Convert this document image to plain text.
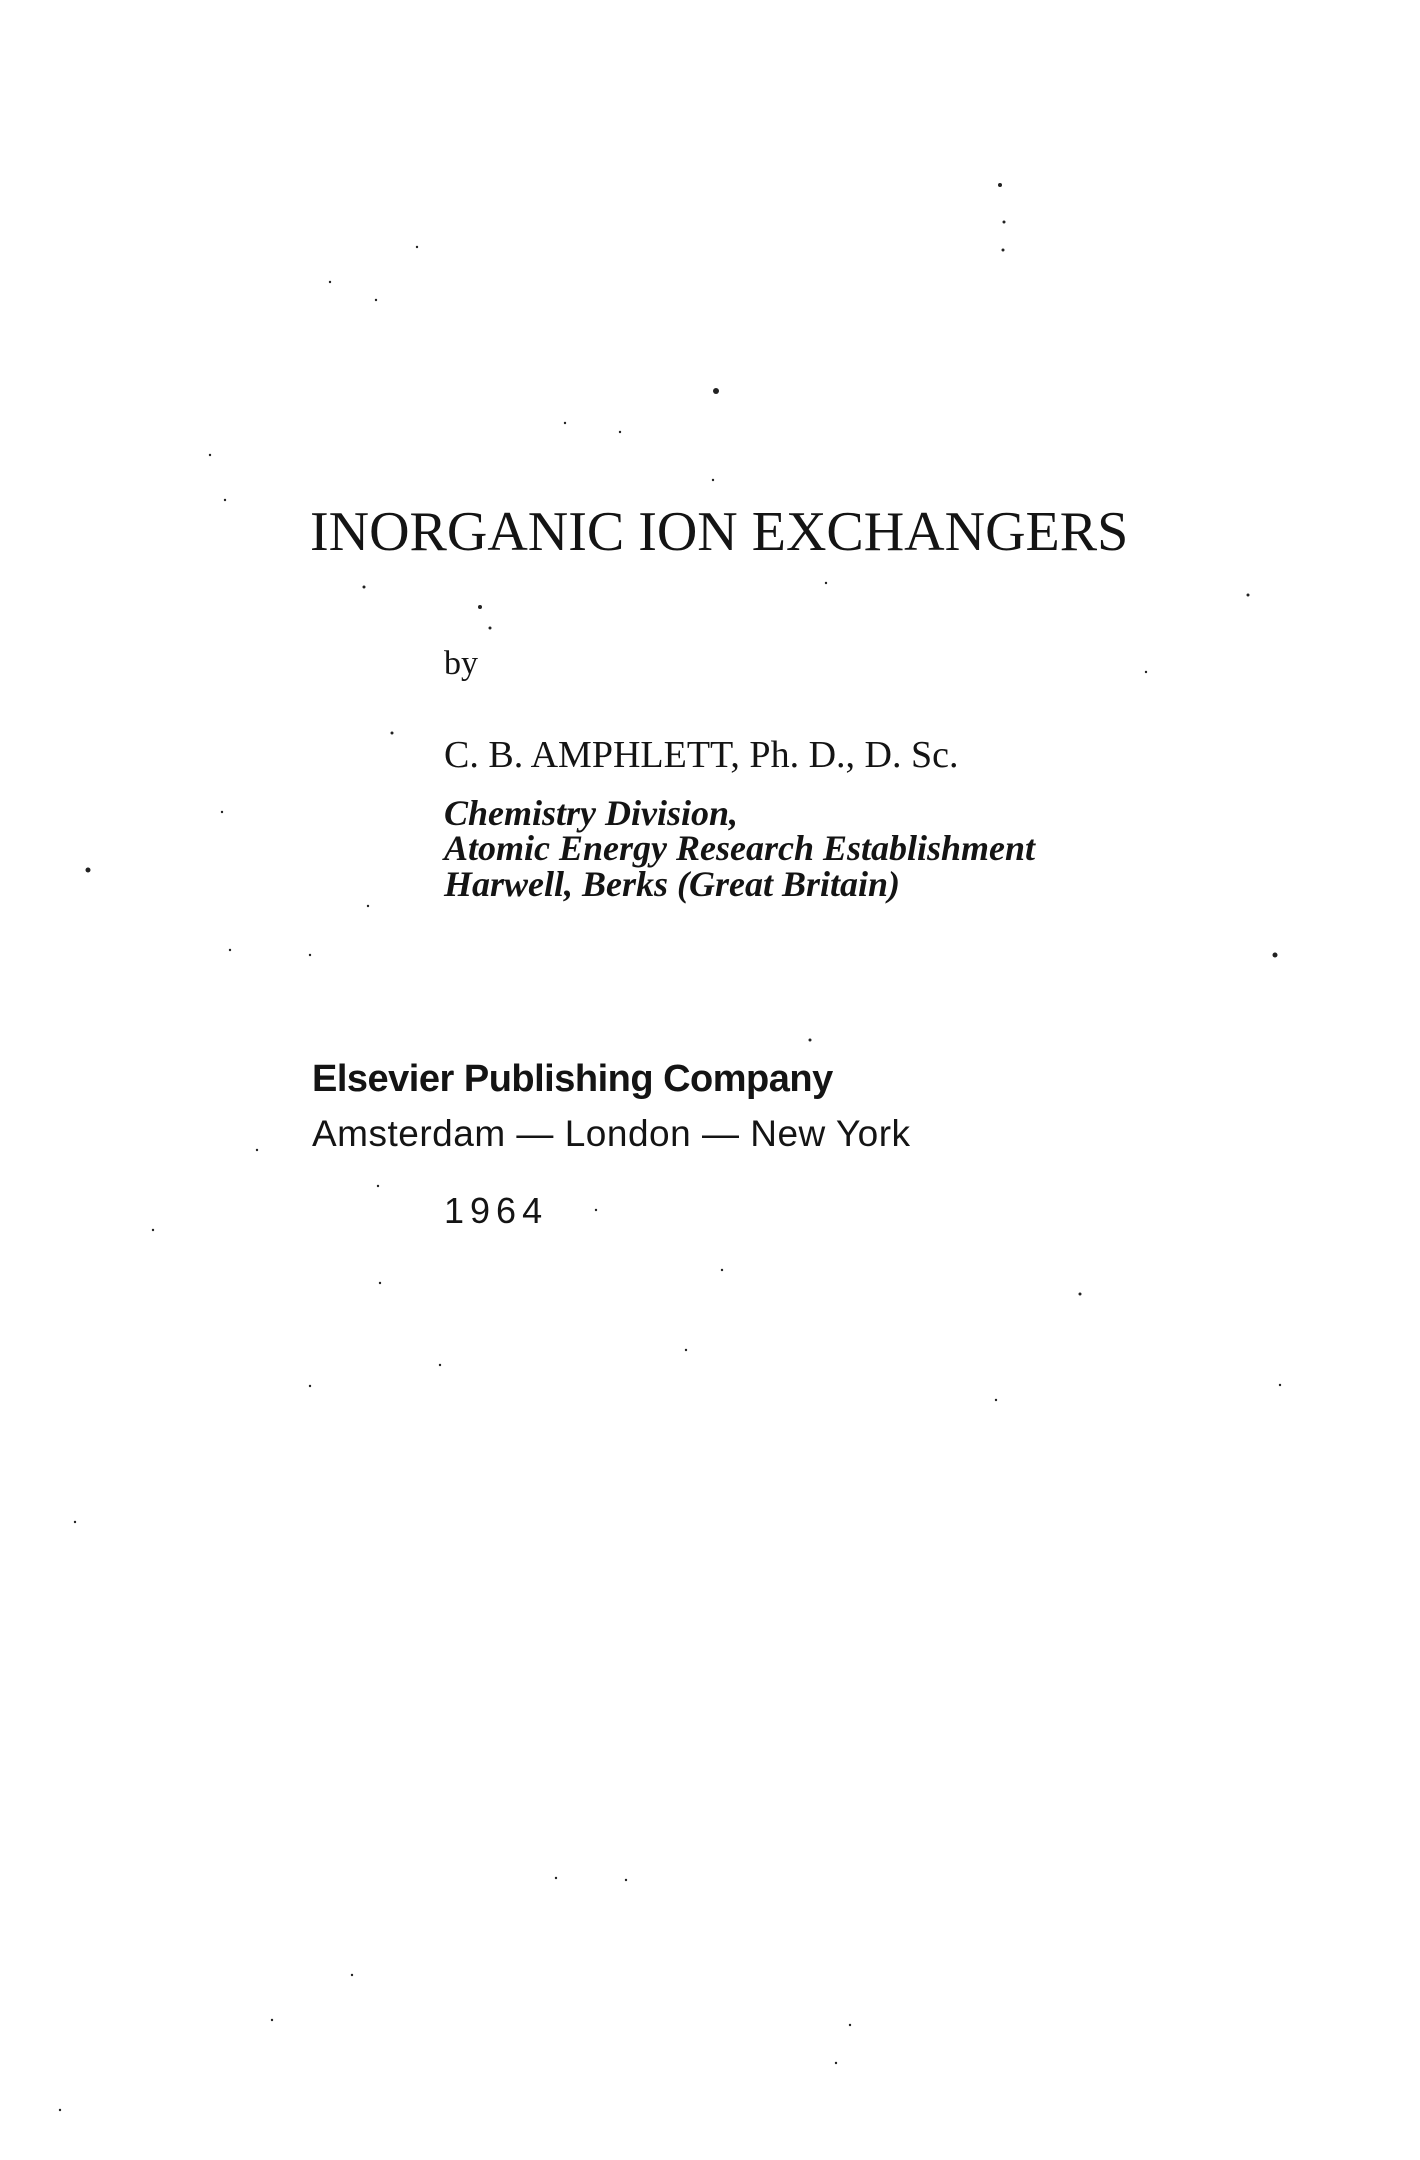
INORGANIC ION EXCHANGERS
by
C. B. AMPHLETT, Ph. D., D. Sc.
Chemistry Division,
Atomic Energy Research Establishment
Harwell, Berks (Great Britain)
Elsevier Publishing Company
Amsterdam — London — New York
1964
